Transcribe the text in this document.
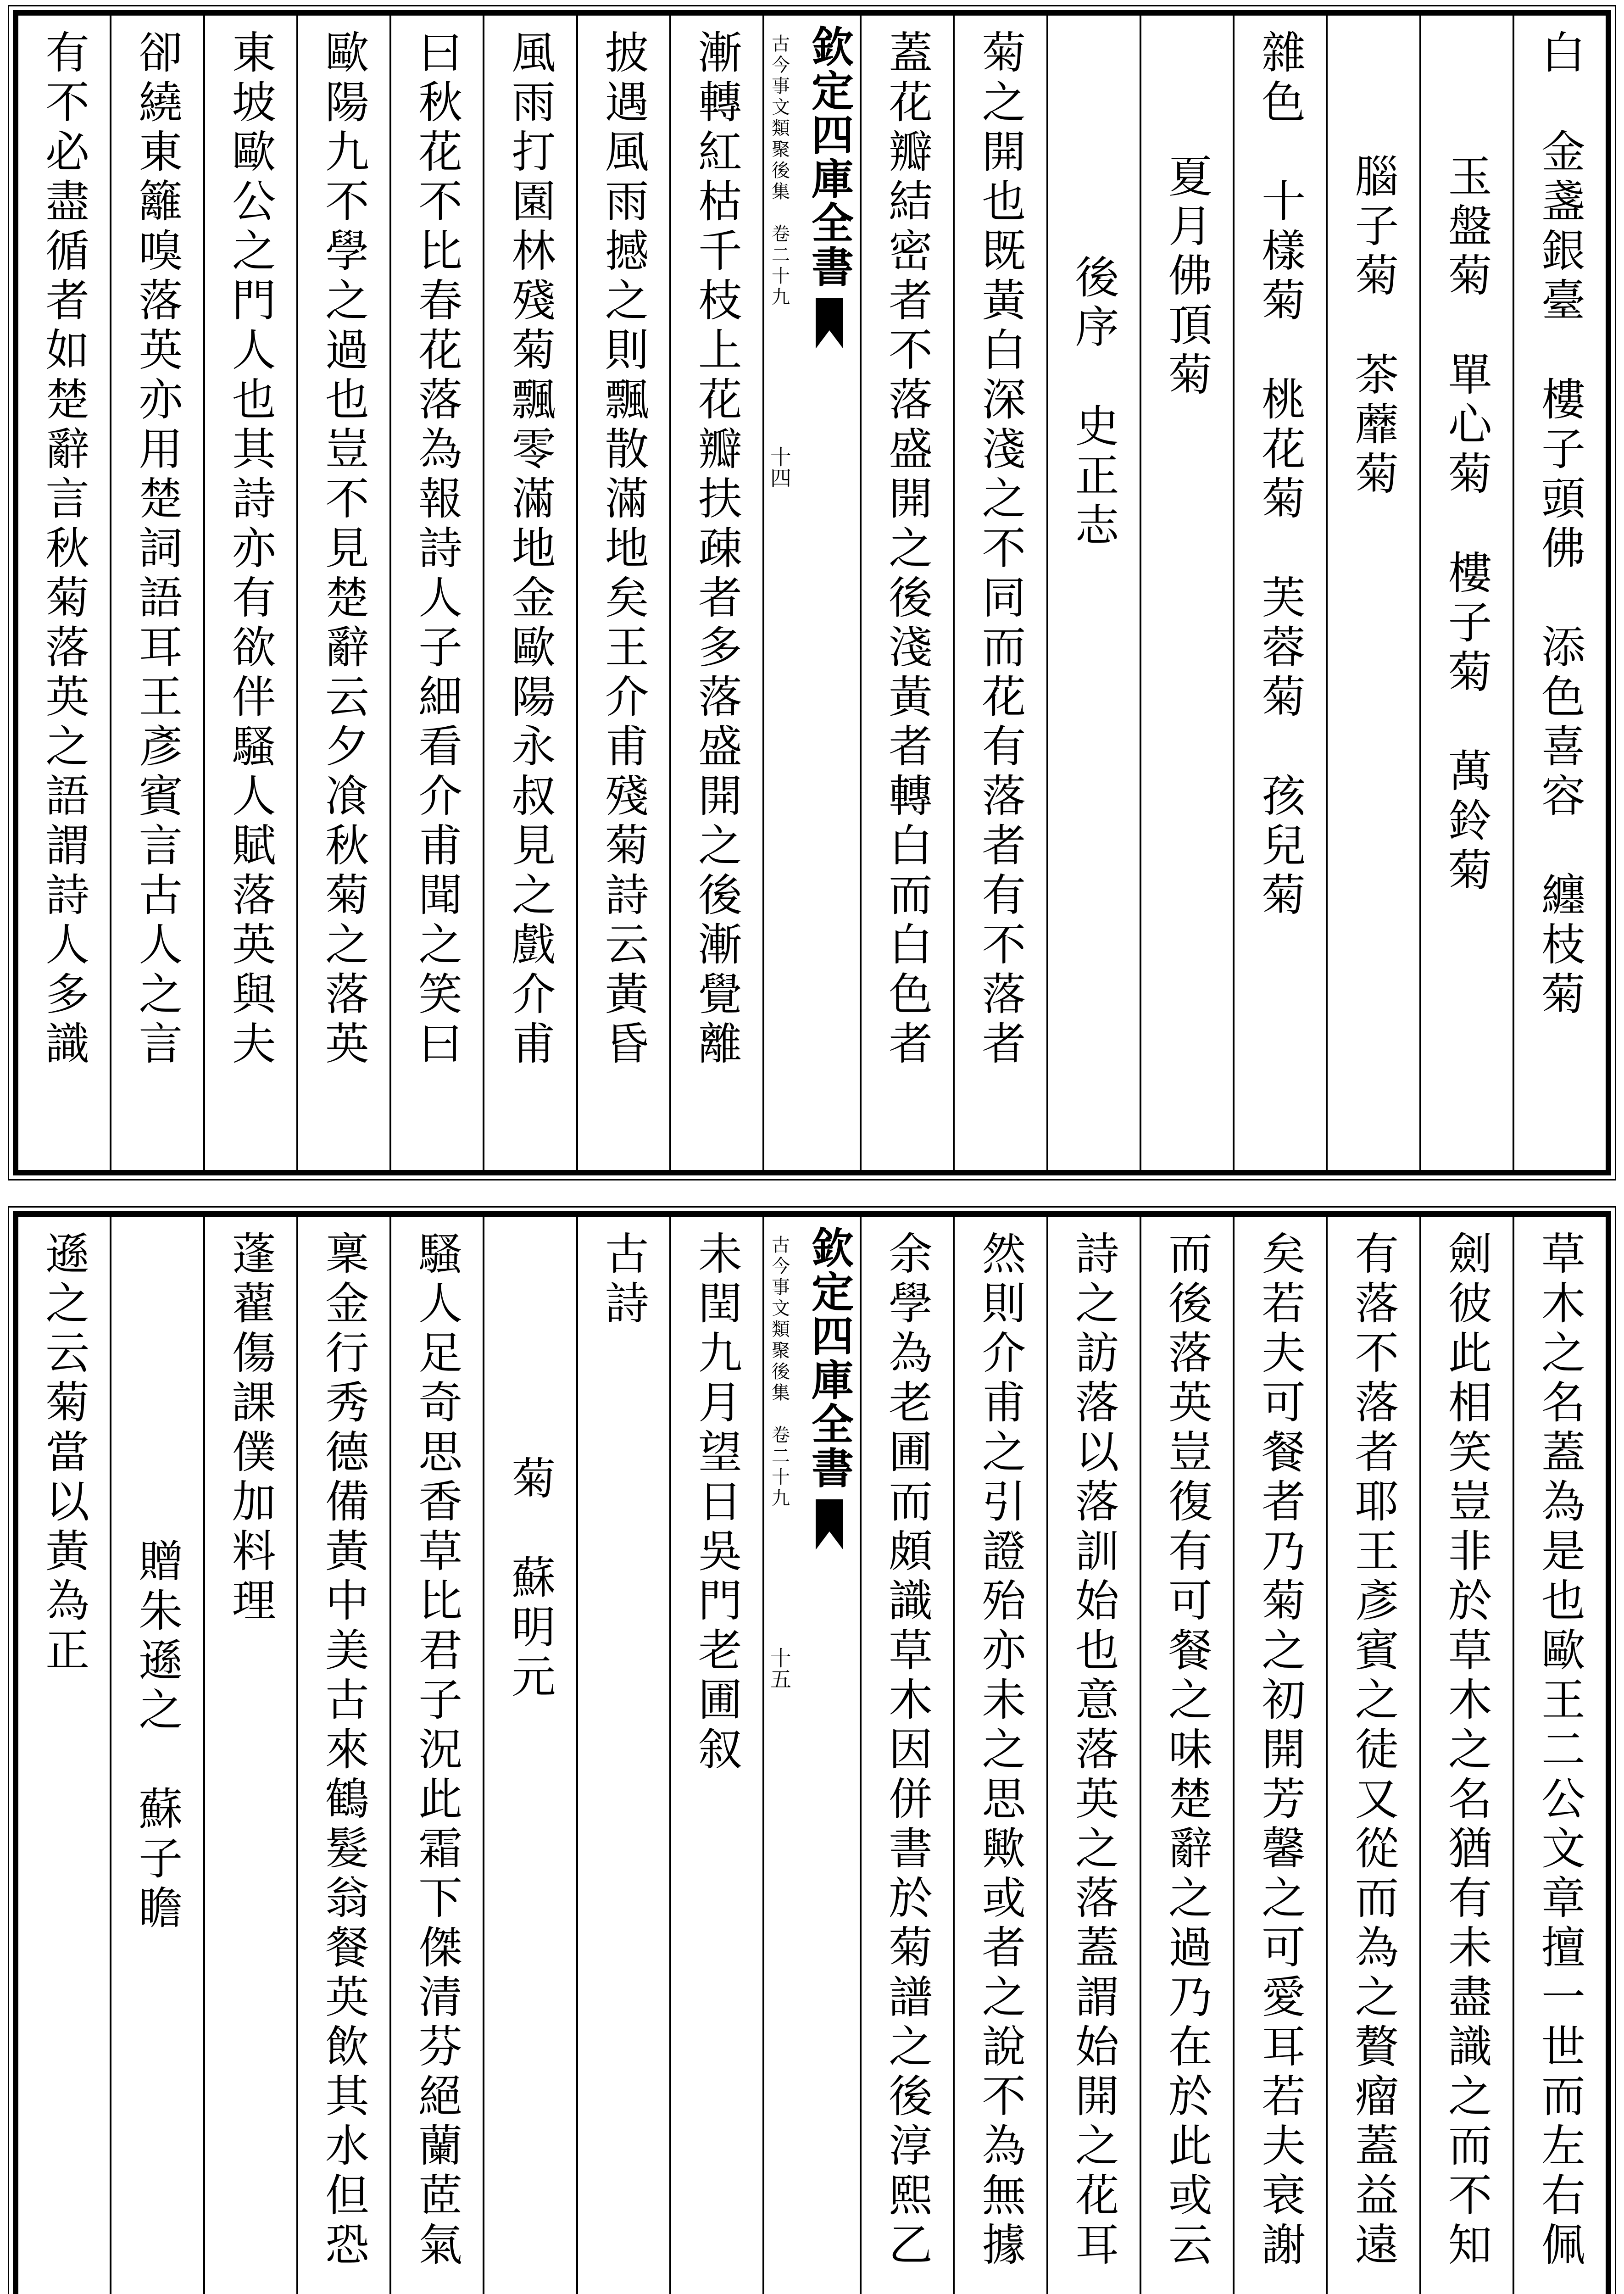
白　金盞銀臺　樓子頭佛　添色喜容　纏枝菊
玉盤菊　單心菊　樓子菊　萬鈴菊
腦子菊　茶蘼菊
雜色　十樣菊　桃花菊　芙蓉菊　孩兒菊
夏月佛頂菊
後序　史正志
菊之開也既黃白深淺之不同而花有落者有不落者
蓋花瓣結密者不落盛開之後淺黃者轉白而白色者
欽定四庫全書
古今事文類聚後集　卷二十九
十四
漸轉紅枯千枝上花瓣扶疎者多落盛開之後漸覺離
披遇風雨撼之則飄散滿地矣王介甫殘菊詩云黃昏
風雨打園林殘菊飄零滿地金歐陽永叔見之戲介甫
曰秋花不比春花落為報詩人子細看介甫聞之笑曰
歐陽九不學之過也豈不見楚辭云夕飡秋菊之落英
東坡歐公之門人也其詩亦有欲伴騷人賦落英與夫
卻繞東籬嗅落英亦用楚詞語耳王彥賓言古人之言
有不必盡循者如楚辭言秋菊落英之語謂詩人多識
草木之名蓋為是也歐王二公文章擅一世而左右佩
劍彼此相笑豈非於草木之名猶有未盡識之而不知
有落不落者耶王彥賓之徒又從而為之贅瘤蓋益遠
矣若夫可餐者乃菊之初開芳馨之可愛耳若夫衰謝
而後落英豈復有可餐之味楚辭之過乃在於此或云
詩之訪落以落訓始也意落英之落蓋謂始開之花耳
然則介甫之引證殆亦未之思歟或者之說不為無據
余學為老圃而頗識草木因併書於菊譜之後淳熙乙
欽定四庫全書
古今事文類聚後集　卷二十九
十五
未閏九月望日吳門老圃叙
古詩
菊　蘇明元
騷人足奇思香草比君子況此霜下傑清芬絕蘭茝氣
稟金行秀德備黃中美古來鶴髮翁餐英飲其水但恐
蓬藋傷課僕加料理
贈朱遜之　蘇子瞻
遜之云菊當以黃為正
